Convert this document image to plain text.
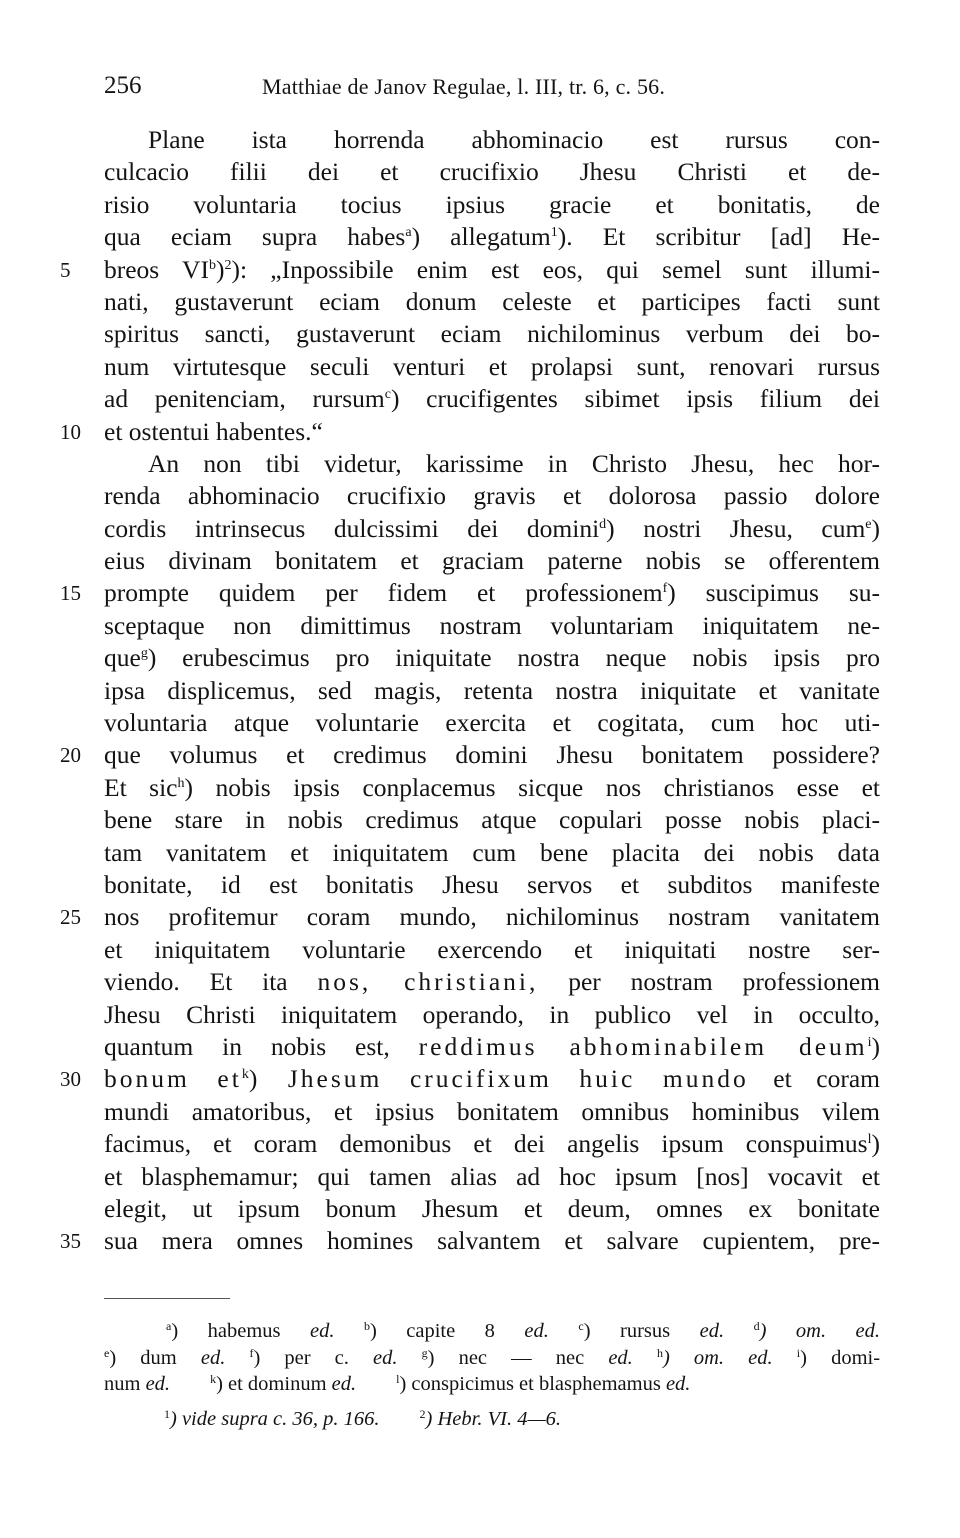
256	Matthiae de Janov Regulae, l. III, tr. 6, c. 56.
Plane ista horrenda abhominacio est rursus con-
culcacio filii dei et crucifixio Jhesu Christi et de-
risio voluntaria tocius ipsius gracie et bonitatis, de
qua eciam supra habes$^a$) allegatum$^1$). Et scribitur [ad] He-
5	breos $VI^b)^2$): „Inpossibile enim est eos, qui semel sunt illumi-
nati, gustaverunt eciam donum celeste et participes facti sunt
spiritus sancti, gustaverunt eciam nichilominus verbum dei bo-
num virtutesque seculi venturi et prolapsi sunt, renovari rursus
ad penitenciam, rursum$^c$) crucifigentes sibimet ipsis filium dei
10 et ostentui habentes.“
An non tibi videtur, karissime in Christo Jhesu, hec hor-
renda abhominacio crucifixio gravis et dolorosa passio dolore
cordis intrinsecus dulcissimi dei domini$^d$) nostri Jhesu, cum$^e$)
eius divinam bonitatem et graciam paterne nobis se offerentem
15 prompte quidem per fidem et professionem$^f$) suscipimus su-
sceptaque non dimittimus nostram voluntariam iniquitatem ne-
que$^g$) erubescimus pro iniquitate nostra neque nobis ipsis pro
ipsa displicemus, sed magis, retenta nostra iniquitate et vanitate
voluntaria atque voluntarie exercita et cogitata, cum hoc uti-
20 que volumus et credimus domini Jhesu bonitatem possidere?
Et sic$^h$) nobis ipsis conplacemus sicque nos christianos esse et
bene stare in nobis credimus atque copulari posse nobis placi-
tam vanitatem et iniquitatem cum bene placita dei nobis data
bonitate, id est bonitatis Jhesu servos et subditos manifeste
25 nos profitemur coram mundo, nichilominus nostram vanitatem
et iniquitatem voluntarie exercendo et iniquitati nostre ser-
viendo. Et ita nos, christiani, per nostram professionem
Jhesu Christi iniquitatem operando, in publico vel in occulto,
quantum in nobis est, reddimus abhominabilem deum$^i$)
30 bonum $et^k$) Jhesum crucifixum huic mundo et coram
mundi amatoribus, et ipsius bonitatem omnibus hominibus vilem
facimus, et coram demonibus et dei angelis ipsum conspuimus$^l$)
et blasphemamur; qui tamen alias ad hoc ipsum [nos] vocavit et
elegit, ut ipsum bonum Jhesum et deum, omnes ex bonitate
35 sua mera omnes homines salvantem et salvare cupientem, pre-
$^a$) habemus ed. $^b$) capite 8 ed. $^c$) rursus ed. $^d$) om. ed.
$^e$) dum ed. $^f$) per c. ed. $^g$) nec — nec ed. $^h$) om. ed. $^i$) domi-
num ed.	$^k$) et dominum ed.	$^l$) conspicimus et blasphemamus ed.
$^1$) vide supra c. 36, p. 166.	$^2$) Hebr. VI. 4—6.
